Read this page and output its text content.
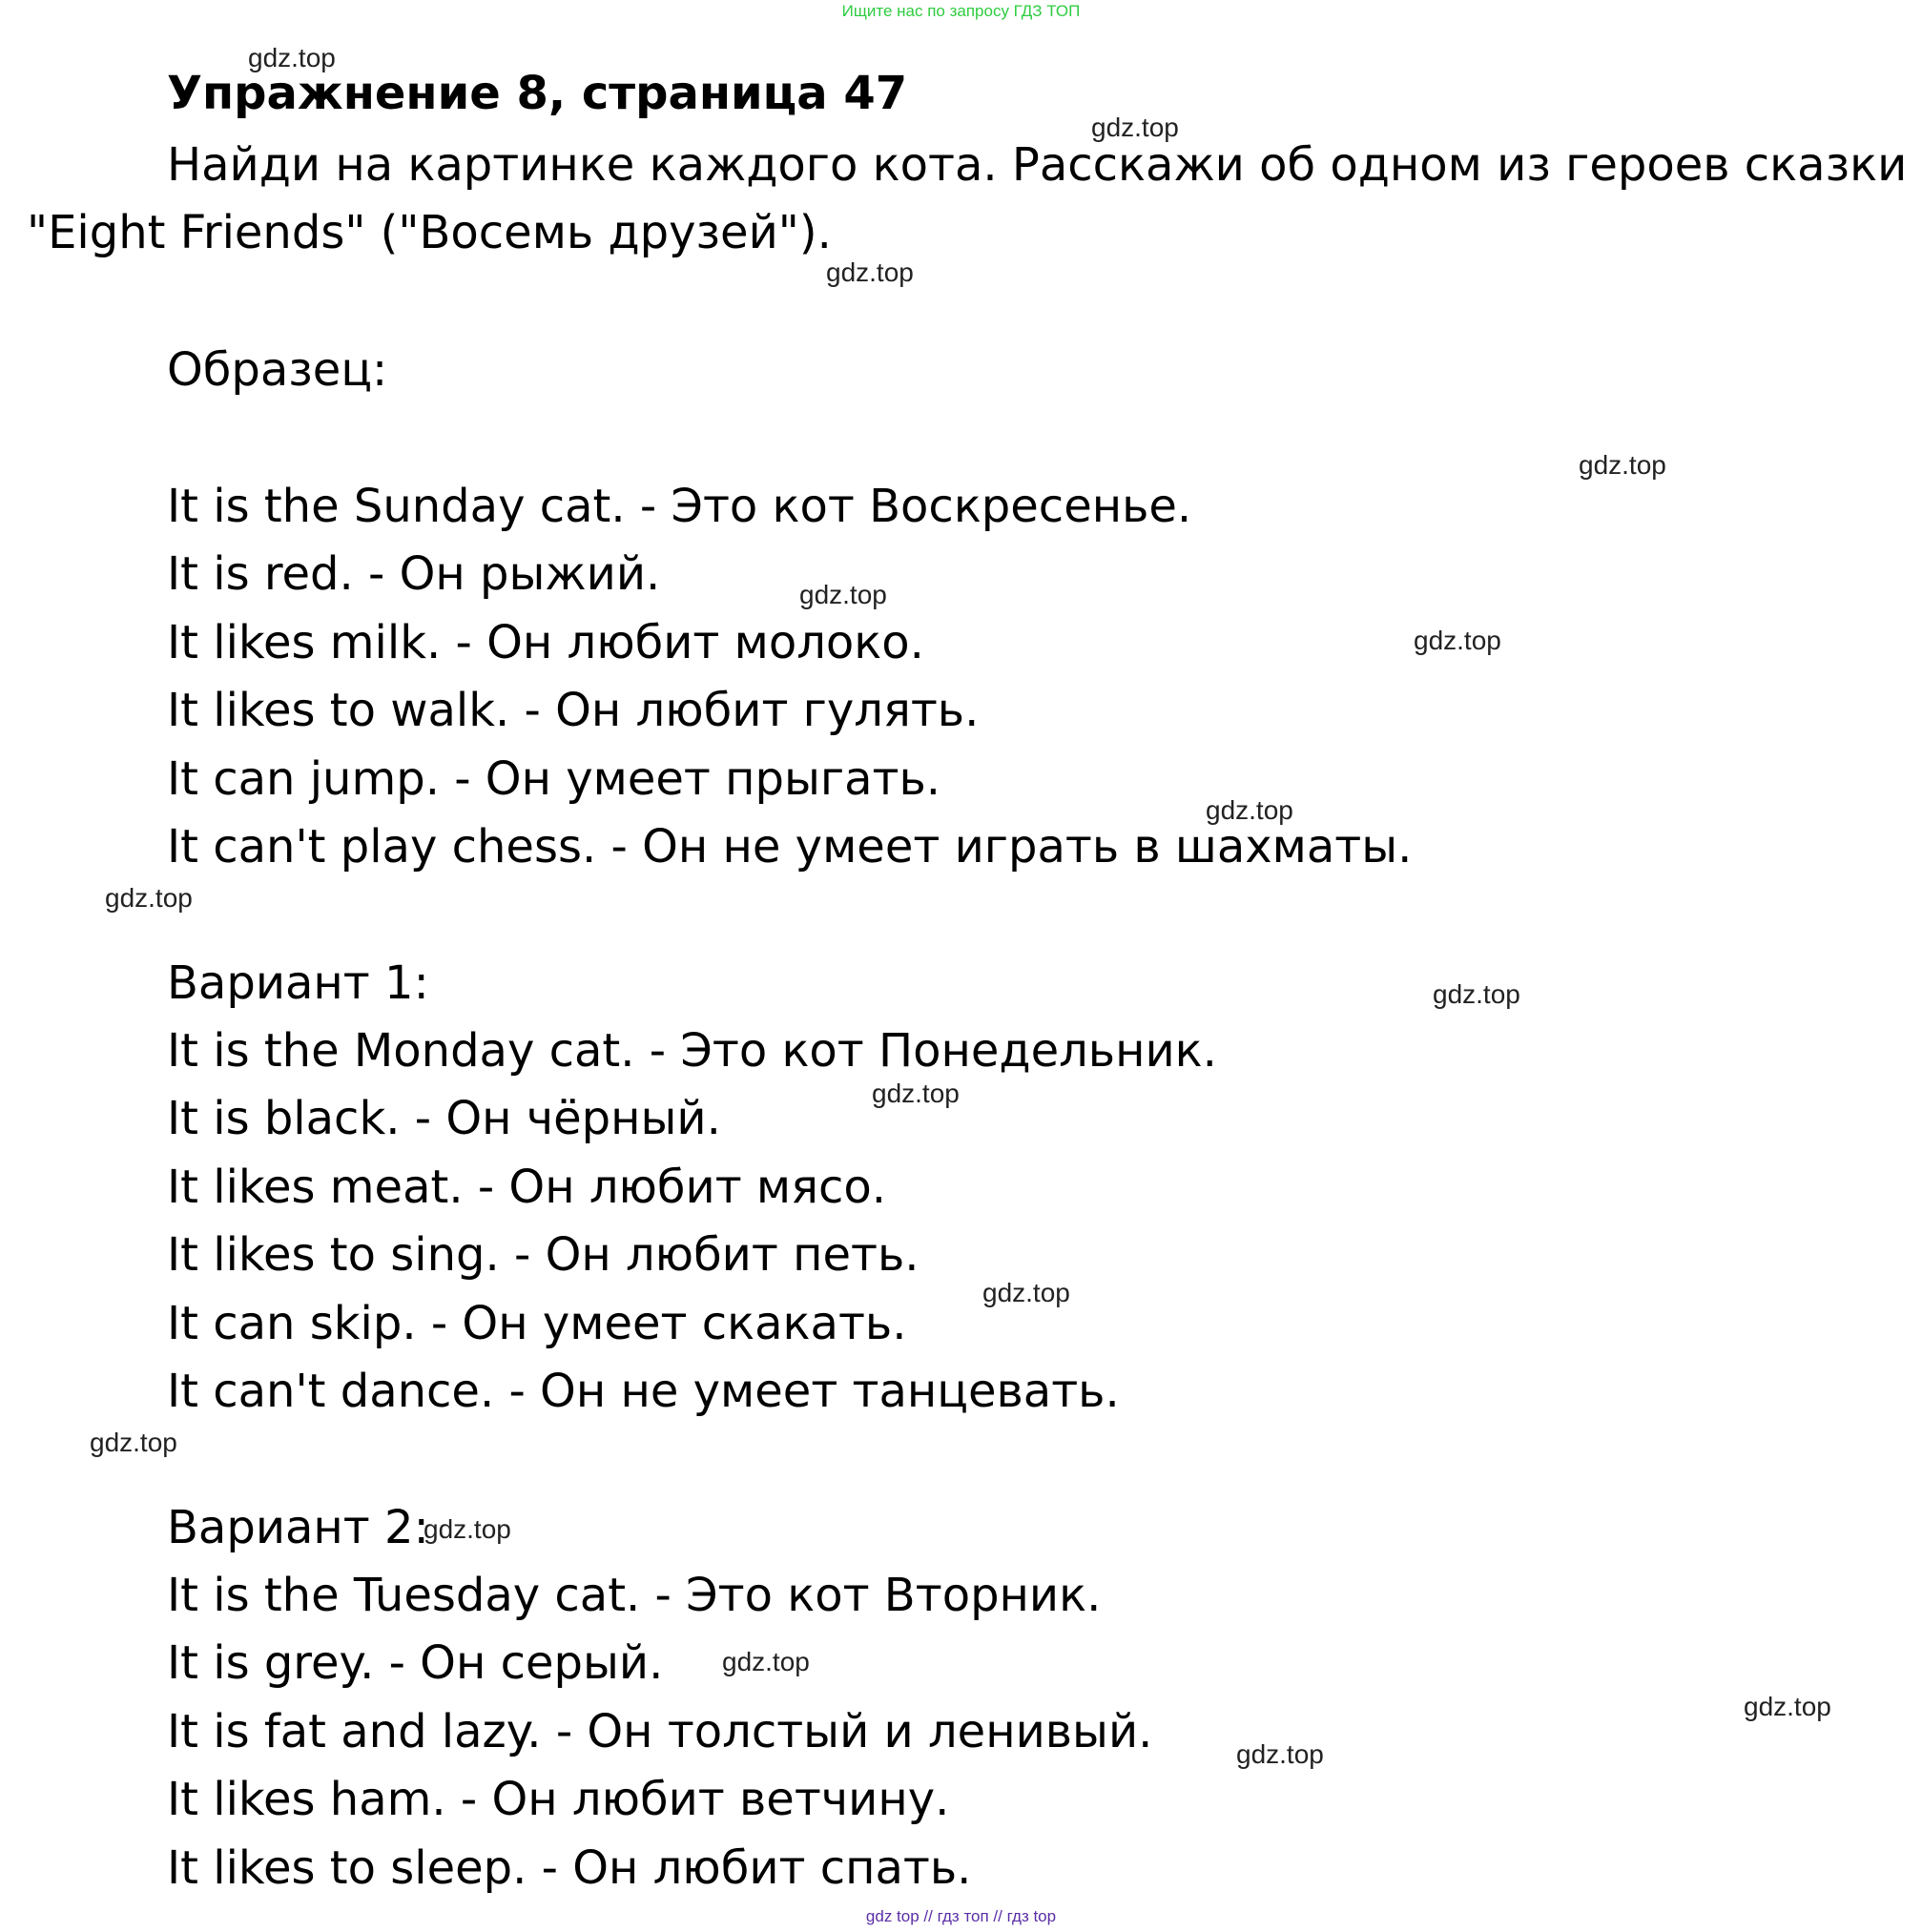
Ищите нас по запросу ГДЗ ТОП
Упражнение 8, страница 47
Найди на картинке каждого кота. Расскажи об одном из героев сказки
"Eight Friends" ("Восемь друзей").
Образец:
It is the Sunday cat. - Это кот Воскресенье.
It is red. - Он рыжий.
It likes milk. - Он любит молоко.
It likes to walk. - Он любит гулять.
It can jump. - Он умеет прыгать.
It can't play chess. - Он не умеет играть в шахматы.
Вариант 1:
It is the Monday cat. - Это кот Понедельник.
It is black. - Он чёрный.
It likes meat. - Он любит мясо.
It likes to sing. - Он любит петь.
It can skip. - Он умеет скакать.
It can't dance. - Он не умеет танцевать.
Вариант 2:
It is the Tuesday cat. - Это кот Вторник.
It is grey. - Он серый.
It is fat and lazy. - Он толстый и ленивый.
It likes ham. - Он любит ветчину.
It likes to sleep. - Он любит спать.
gdz.top
gdz.top
gdz.top
gdz.top
gdz.top
gdz.top
gdz.top
gdz.top
gdz.top
gdz.top
gdz.top
gdz.top
gdz.top
gdz.top
gdz.top
gdz.top
gdz top // гдз топ // гдз top
